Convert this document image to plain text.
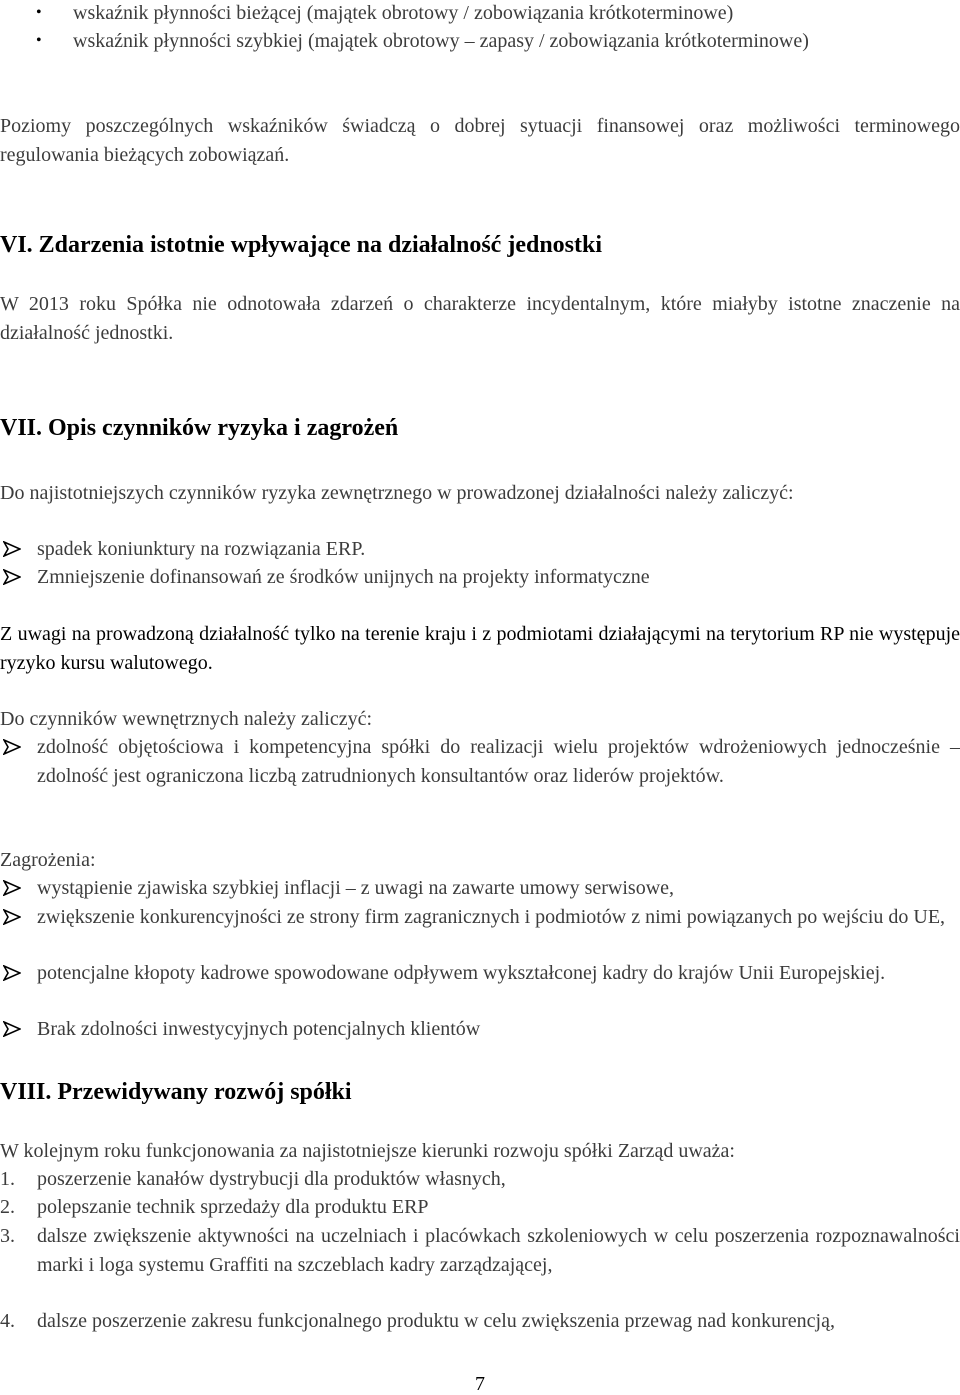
•	wskaźnik płynności bieżącej (majątek obrotowy / zobowiązania krótkoterminowe)
•	wskaźnik płynności szybkiej (majątek obrotowy – zapasy / zobowiązania krótkoterminowe)

Poziomy poszczególnych wskaźników świadczą o dobrej sytuacji finansowej oraz możliwości terminowego regulowania bieżących zobowiązań.

VI. Zdarzenia istotnie wpływające na działalność jednostki

W 2013 roku Spółka nie odnotowała zdarzeń o charakterze incydentalnym, które miałyby istotne znaczenie na działalność jednostki.

VII. Opis czynników ryzyka i zagrożeń

Do najistotniejszych czynników ryzyka zewnętrznego w prowadzonej działalności należy zaliczyć:

spadek koniunktury na rozwiązania ERP.
Zmniejszenie dofinansowań ze środków unijnych na projekty informatyczne

Z uwagi na prowadzoną działalność tylko na terenie kraju i z podmiotami działającymi na terytorium RP nie występuje ryzyko kursu walutowego.

Do czynników wewnętrznych należy zaliczyć:

zdolność objętościowa i kompetencyjna spółki do realizacji wielu projektów wdrożeniowych jednocześnie – zdolność jest ograniczona liczbą zatrudnionych konsultantów oraz liderów projektów.

Zagrożenia:

wystąpienie zjawiska szybkiej inflacji – z uwagi na zawarte umowy serwisowe,
zwiększenie konkurencyjności ze strony firm zagranicznych i podmiotów z nimi powiązanych po wejściu do UE,
potencjalne kłopoty kadrowe spowodowane odpływem wykształconej kadry do krajów Unii Europejskiej.
Brak zdolności inwestycyjnych potencjalnych klientów
VIII. Przewidywany rozwój spółki

W kolejnym roku funkcjonowania za najistotniejsze kierunki rozwoju spółki Zarząd uważa:

1.	poszerzenie kanałów dystrybucji dla produktów własnych,
2.	polepszanie technik sprzedaży dla produktu ERP
3.	dalsze zwiększenie aktywności na uczelniach i placówkach szkoleniowych w celu poszerzenia rozpoznawalności marki i loga systemu Graffiti na szczeblach kadry zarządzającej,
4.	dalsze poszerzenie zakresu funkcjonalnego produktu w celu zwiększenia przewag nad konkurencją,
7
